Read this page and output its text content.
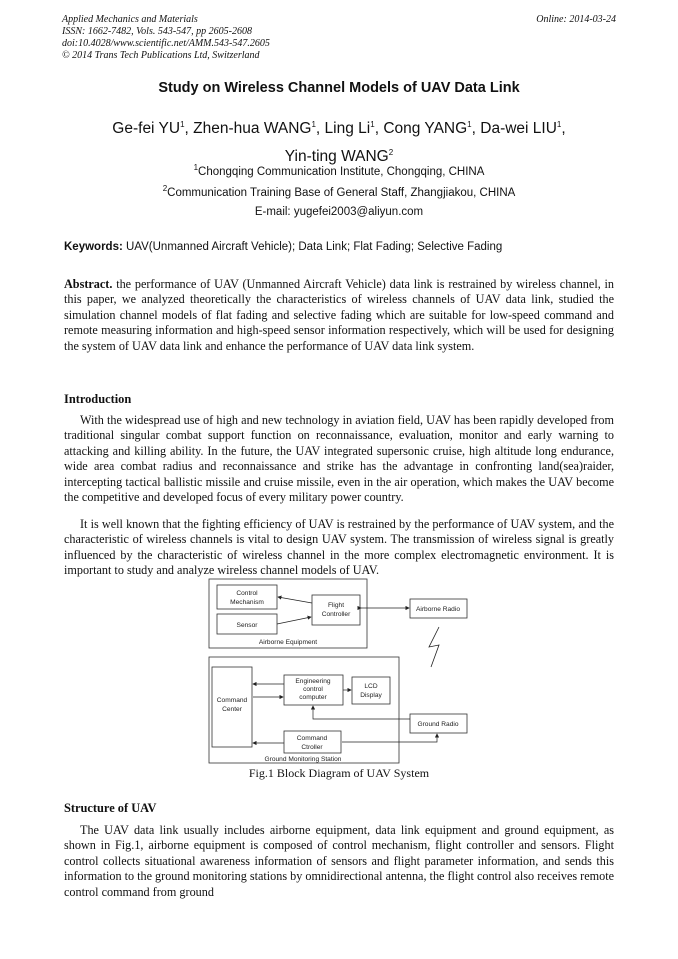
Applied Mechanics and Materials
ISSN: 1662-7482, Vols. 543-547, pp 2605-2608
doi:10.4028/www.scientific.net/AMM.543-547.2605
© 2014 Trans Tech Publications Ltd, Switzerland
Online: 2014-03-24
Study on Wireless Channel Models of UAV Data Link
Ge-fei $YU^1$, Zhen-hua WANG$^1$, Ling Li$^1$, Cong YANG$^1$, Da-wei LIU$^1$,
Yin-ting WANG$^2$
$^1$Chongqing Communication Institute, Chongqing, CHINA
$^2$Communication Training Base of General Staff, Zhangjiakou, CHINA
E-mail: yugefei2003@aliyun.com
Keywords: UAV(Unmanned Aircraft Vehicle); Data Link; Flat Fading; Selective Fading
Abstract. the performance of UAV (Unmanned Aircraft Vehicle) data link is restrained by wireless channel, in this paper, we analyzed theoretically the characteristics of wireless channels of UAV data link, studied the simulation channel models of flat fading and selective fading which are suitable for low-speed command and remote measuring information and high-speed sensor information respectively, which will be used for designing the system of UAV data link and enhance the performance of UAV data link system.
Introduction
With the widespread use of high and new technology in aviation field, UAV has been rapidly developed from traditional singular combat support function on reconnaissance, evaluation, monitor and early warning to attacking and killing ability. In the future, the UAV integrated supersonic cruise, high altitude long endurance, wide area combat radius and reconnaissance and strike has the advantage in confronting land(sea)raider, intercepting tactical ballistic missile and cruise missile, even in the air operation, which makes the UAV become the competitive and developed focus of every military power country.
It is well known that the fighting efficiency of UAV is restrained by the performance of UAV system, and the characteristic of wireless channels is vital to design UAV system. The transmission of wireless signal is greatly influenced by the characteristic of wireless channel in the more complex electromagnetic environment. It is important to study and analyze wireless channel models of UAV.
Control
Mechanism
Sensor
Flight
Controller
Airborne Equipment
Airborne Radio
Command
Center
Engineering
control
computer
LCD
Display
Command
Ctroller
Ground Monitoring Station
Ground Radio
Fig.1 Block Diagram of UAV System
Structure of UAV
The UAV data link usually includes airborne equipment, data link equipment and ground equipment, as shown in Fig.1, airborne equipment is composed of control mechanism, flight controller and sensors. Flight control collects situational awareness information of sensors and flight parameter information, and sends this information to the ground monitoring stations by omnidirectional antenna, the flight control also receives remote control command from ground
